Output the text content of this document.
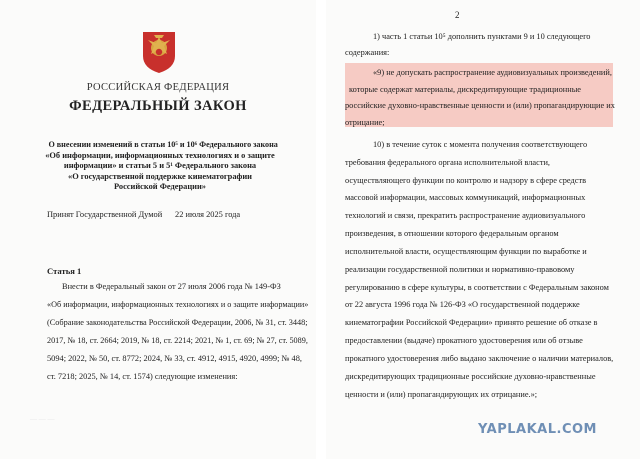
РОССИЙСКАЯ ФЕДЕРАЦИЯ
ФЕДЕРАЛЬНЫЙ ЗАКОН
О внесении изменений в статьи 10⁵ и 10⁶ Федерального закона
«Об информации, информационных технологиях и о защите
информации» и статьи 5 и 5¹ Федерального закона
«О государственной поддержке кинематографии
Российской Федерации»
Принят Государственной Думой 22 июля 2025 года
Статья 1
Внести в Федеральный закон от 27 июля 2006 года № 149-ФЗ
«Об информации, информационных технологиях и о защите информации»
(Собрание законодательства Российской Федерации, 2006, № 31, ст. 3448;
2017, № 18, ст. 2664; 2019, № 18, ст. 2214; 2021, № 1, ст. 69; № 27, ст. 5089,
5094; 2022, № 50, ст. 8772; 2024, № 33, ст. 4912, 4915, 4920, 4999; № 48,
ст. 7218; 2025, № 14, ст. 1574) следующие изменения:
— — —
2
1) часть 1 статьи 10⁵ дополнить пунктами 9 и 10 следующего
содержания:
«9) не допускать распространение аудиовизуальных произведений,
которые содержат материалы, дискредитирующие традиционные
российские духовно-нравственные ценности и (или) пропагандирующие их
отрицание;
10) в течение суток с момента получения соответствующего
требования федерального органа исполнительной власти,
осуществляющего функции по контролю и надзору в сфере средств
массовой информации, массовых коммуникаций, информационных
технологий и связи, прекратить распространение аудиовизуального
произведения, в отношении которого федеральным органом
исполнительной власти, осуществляющим функции по выработке и
реализации государственной политики и нормативно-правовому
регулированию в сфере культуры, в соответствии с Федеральным законом
от 22 августа 1996 года № 126-ФЗ «О государственной поддержке
кинематографии Российской Федерации» принято решение об отказе в
предоставлении (выдаче) прокатного удостоверения или об отзыве
прокатного удостоверения либо выдано заключение о наличии материалов,
дискредитирующих традиционные российские духовно-нравственные
ценности и (или) пропагандирующих их отрицание.»;
YAPLAKAL.COM
